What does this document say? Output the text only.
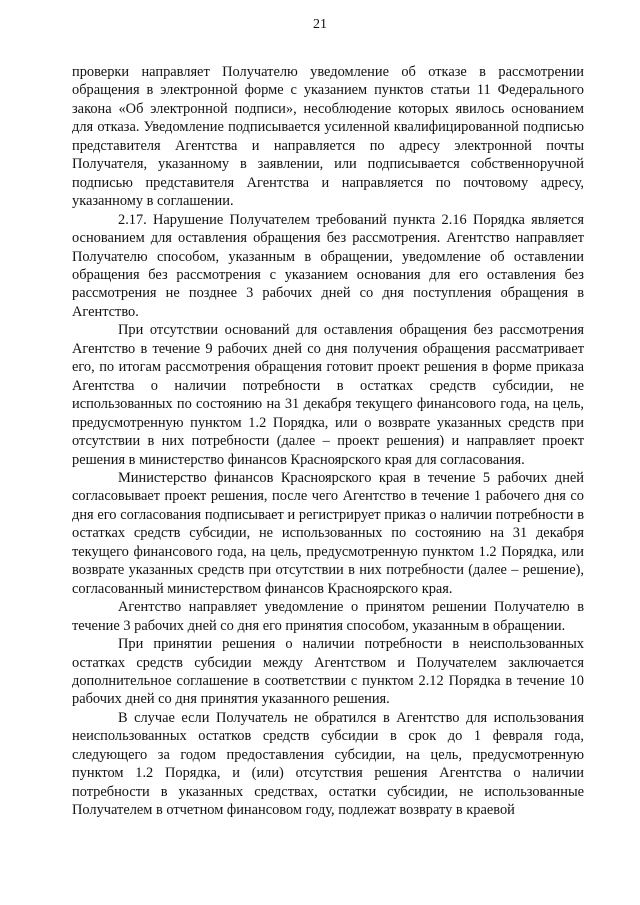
21

проверки направляет Получателю уведомление об отказе в рассмотрении обращения в электронной форме с указанием пунктов статьи 11 Федерального закона «Об электронной подписи», несоблюдение которых явилось основанием для отказа. Уведомление подписывается усиленной квалифицированной подписью представителя Агентства и направляется по адресу электронной почты Получателя, указанному в заявлении, или подписывается собственноручной подписью представителя Агентства и направляется по почтовому адресу, указанному в соглашении.

2.17. Нарушение Получателем требований пункта 2.16 Порядка является основанием для оставления обращения без рассмотрения. Агентство направляет Получателю способом, указанным в обращении, уведомление об оставлении обращения без рассмотрения с указанием основания для его оставления без рассмотрения не позднее 3 рабочих дней со дня поступления обращения в Агентство.

При отсутствии оснований для оставления обращения без рассмотрения Агентство в течение 9 рабочих дней со дня получения обращения рассматривает его, по итогам рассмотрения обращения готовит проект решения в форме приказа Агентства о наличии потребности в остатках средств субсидии, не использованных по состоянию на 31 декабря текущего финансового года, на цель, предусмотренную пунктом 1.2 Порядка, или о возврате указанных средств при отсутствии в них потребности (далее – проект решения) и направляет проект решения в министерство финансов Красноярского края для согласования.

Министерство финансов Красноярского края в течение 5 рабочих дней согласовывает проект решения, после чего Агентство в течение 1 рабочего дня со дня его согласования подписывает и регистрирует приказ о наличии потребности в остатках средств субсидии, не использованных по состоянию на 31 декабря текущего финансового года, на цель, предусмотренную пунктом 1.2 Порядка, или возврате указанных средств при отсутствии в них потребности (далее – решение), согласованный министерством финансов Красноярского края.

Агентство направляет уведомление о принятом решении Получателю в течение 3 рабочих дней со дня его принятия способом, указанным в обращении.

При принятии решения о наличии потребности в неиспользованных остатках средств субсидии между Агентством и Получателем заключается дополнительное соглашение в соответствии с пунктом 2.12 Порядка в течение 10 рабочих дней со дня принятия указанного решения.

В случае если Получатель не обратился в Агентство для использования неиспользованных остатков средств субсидии в срок до 1 февраля года, следующего за годом предоставления субсидии, на цель, предусмотренную пунктом 1.2 Порядка, и (или) отсутствия решения Агентства о наличии потребности в указанных средствах, остатки субсидии, не использованные Получателем в отчетном финансовом году, подлежат возврату в краевой
